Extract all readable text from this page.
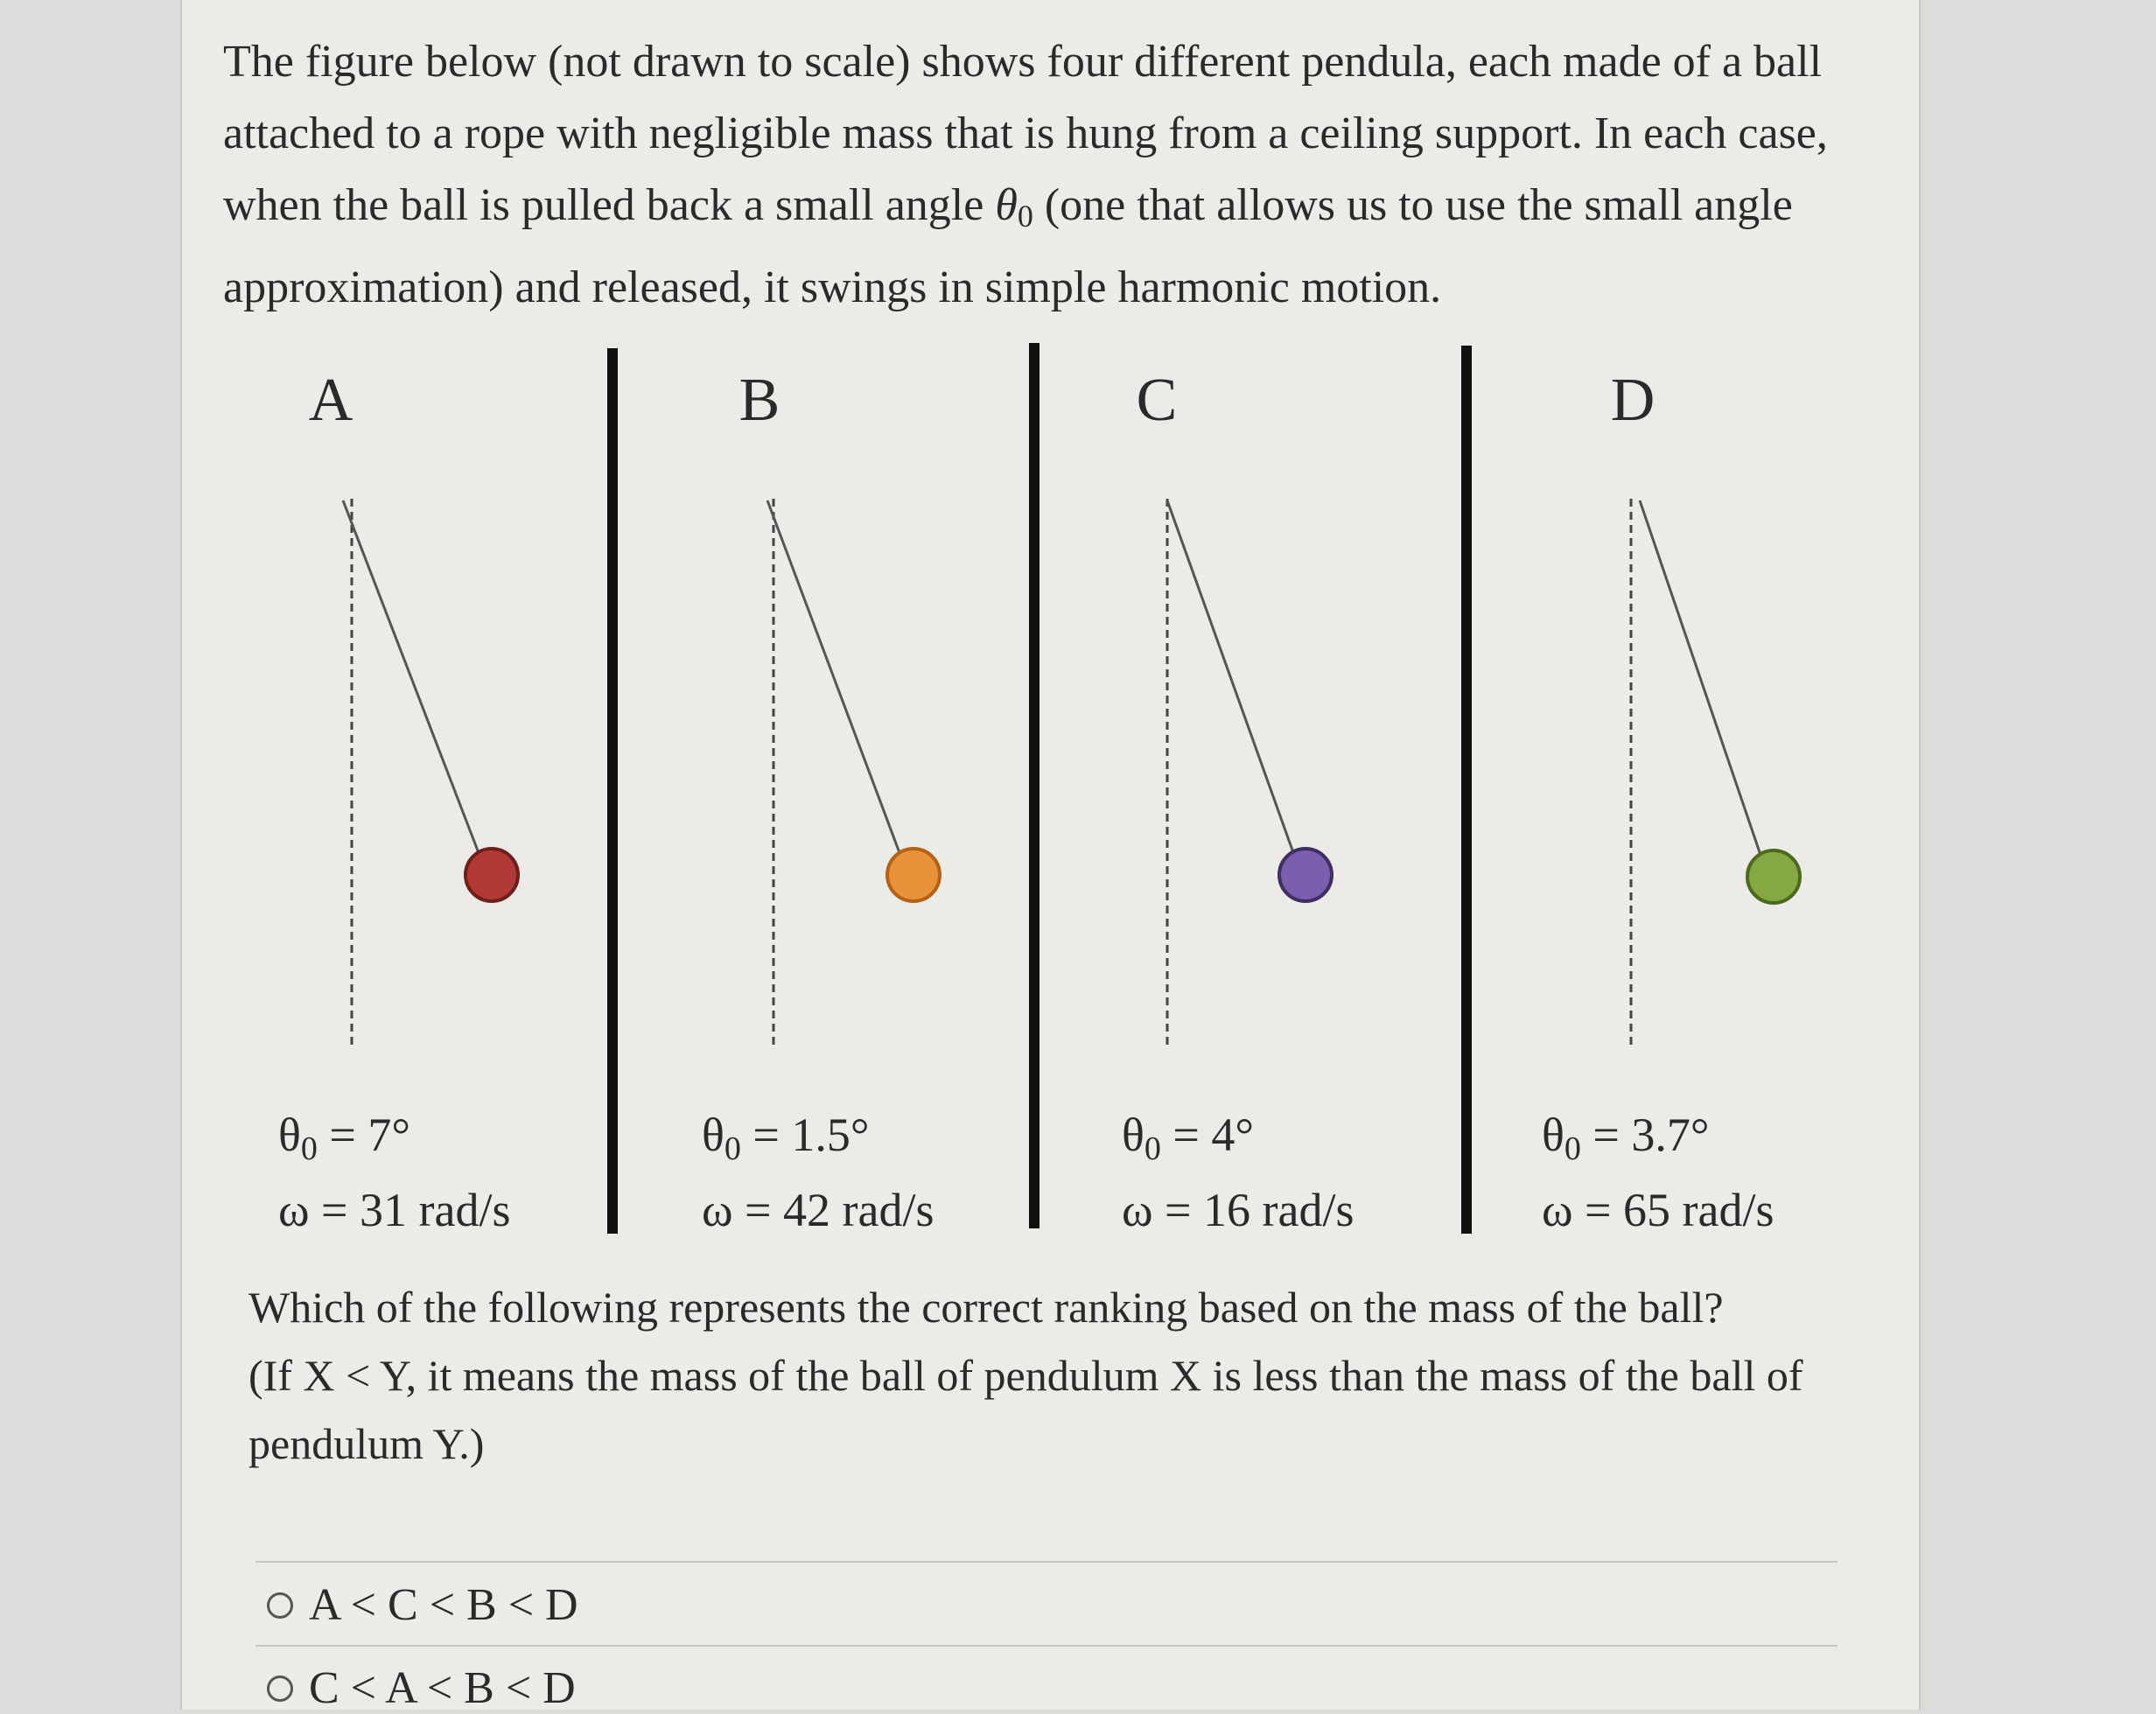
The figure below (not drawn to scale) shows four different pendula, each made of a ball attached to a rope with negligible mass that is hung from a ceiling support. In each case, when the ball is pulled back a small angle $\theta_0$ (one that allows us to use the small angle approximation) and released, it swings in simple harmonic motion.

A	B	C	D
$\theta_0 = 7^\circ$
ω = 31 rad/s
$\theta_0 = 1.5^\circ$
ω = 42 rad/s
$\theta_0 = 4^\circ$
ω = 16 rad/s
$\theta_0 = 3.7^\circ$
ω = 65 rad/s
Which of the following represents the correct ranking based on the mass of the ball?
(If X < Y, it means the mass of the ball of pendulum X is less than the mass of the ball of pendulum Y.)
A < C < B < D
C < A < B < D
